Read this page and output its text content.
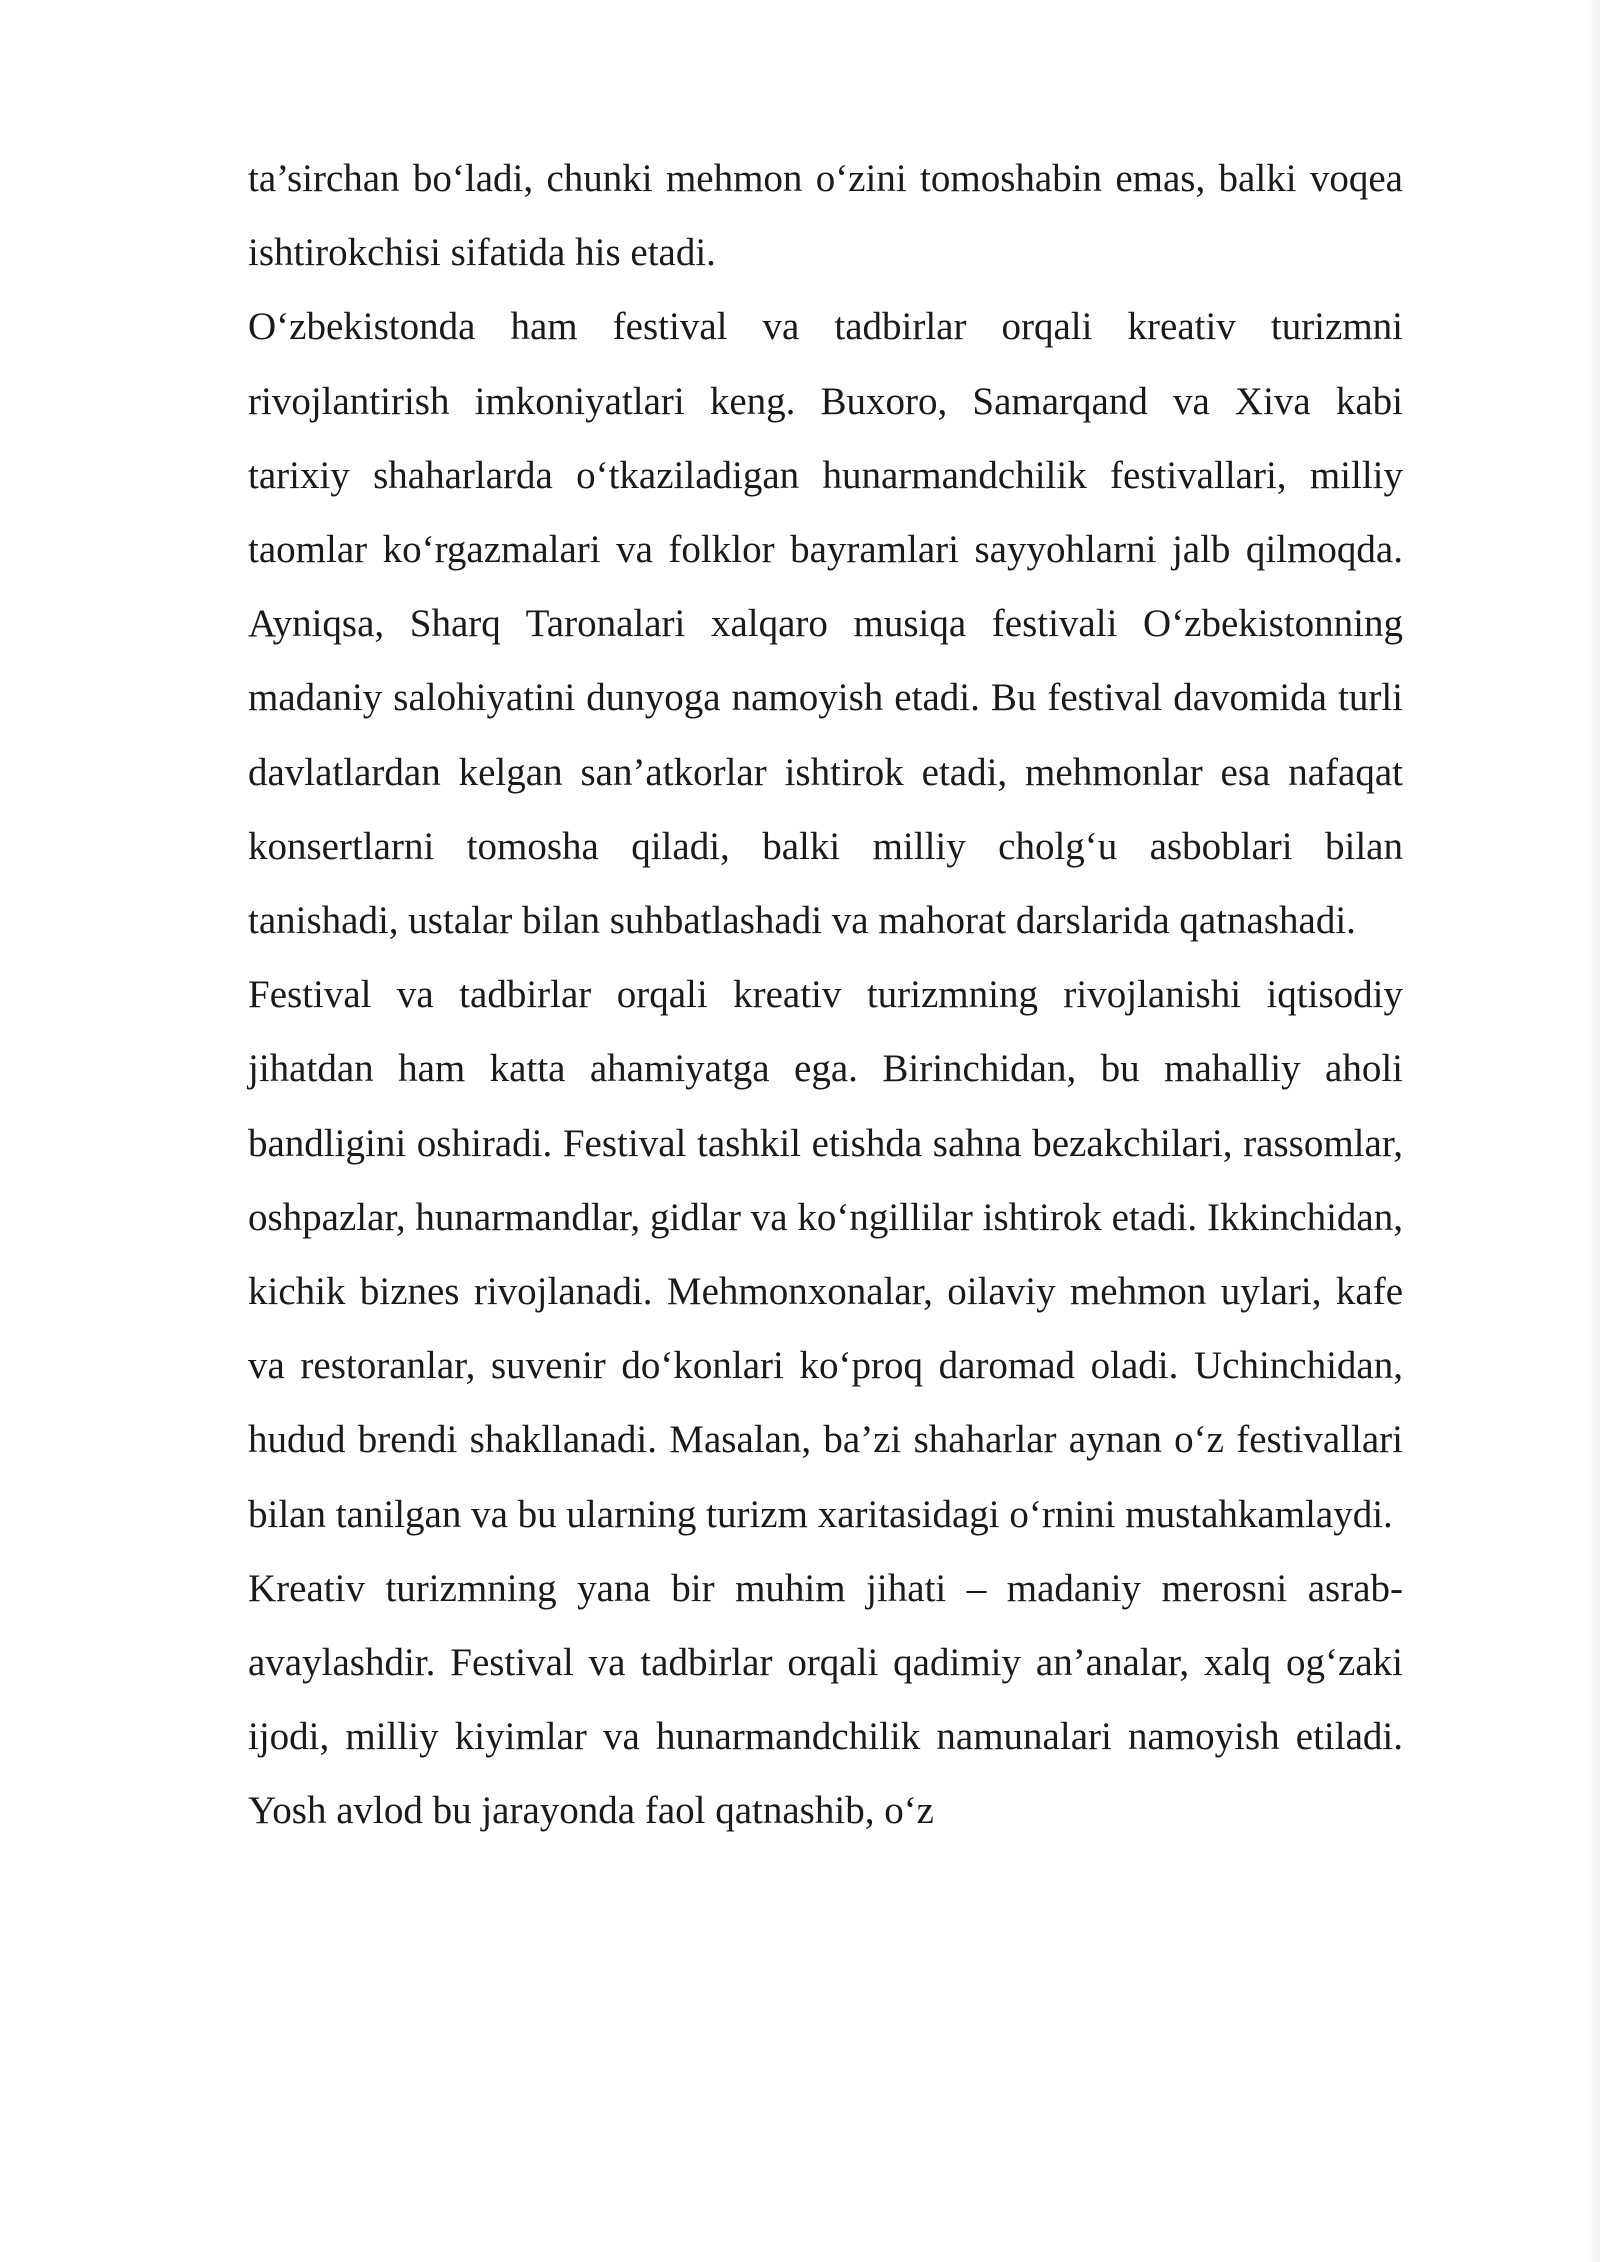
ta’sirchan bo‘ladi, chunki mehmon o‘zini tomoshabin emas, balki voqea ishtirokchisi sifatida his etadi.

O‘zbekistonda ham festival va tadbirlar orqali kreativ turizmni rivojlantirish imkoniyatlari keng. Buxoro, Samarqand va Xiva kabi tarixiy shaharlarda o‘tkaziladigan hunarmandchilik festivallari, milliy taomlar ko‘rgazmalari va folklor bayramlari sayyohlarni jalb qilmoqda. Ayniqsa, Sharq Taronalari xalqaro musiqa festivali O‘zbekistonning madaniy salohiyatini dunyoga namoyish etadi. Bu festival davomida turli davlatlardan kelgan san’atkorlar ishtirok etadi, mehmonlar esa nafaqat konsertlarni tomosha qiladi, balki milliy cholg‘u asboblari bilan tanishadi, ustalar bilan suhbatlashadi va mahorat darslarida qatnashadi.

Festival va tadbirlar orqali kreativ turizmning rivojlanishi iqtisodiy jihatdan ham katta ahamiyatga ega. Birinchidan, bu mahalliy aholi bandligini oshiradi. Festival tashkil etishda sahna bezakchilari, rassomlar, oshpazlar, hunarmandlar, gidlar va ko‘ngillilar ishtirok etadi. Ikkinchidan, kichik biznes rivojlanadi. Mehmonxonalar, oilaviy mehmon uylari, kafe va restoranlar, suvenir do‘konlari ko‘proq daromad oladi. Uchinchidan, hudud brendi shakllanadi. Masalan, ba’zi shaharlar aynan o‘z festivallari bilan tanilgan va bu ularning turizm xaritasidagi o‘rnini mustahkamlaydi.

Kreativ turizmning yana bir muhim jihati – madaniy merosni asrab-avaylashdir. Festival va tadbirlar orqali qadimiy an’analar, xalq og‘zaki ijodi, milliy kiyimlar va hunarmandchilik namunalari namoyish etiladi. Yosh avlod bu jarayonda faol qatnashib, o‘z
